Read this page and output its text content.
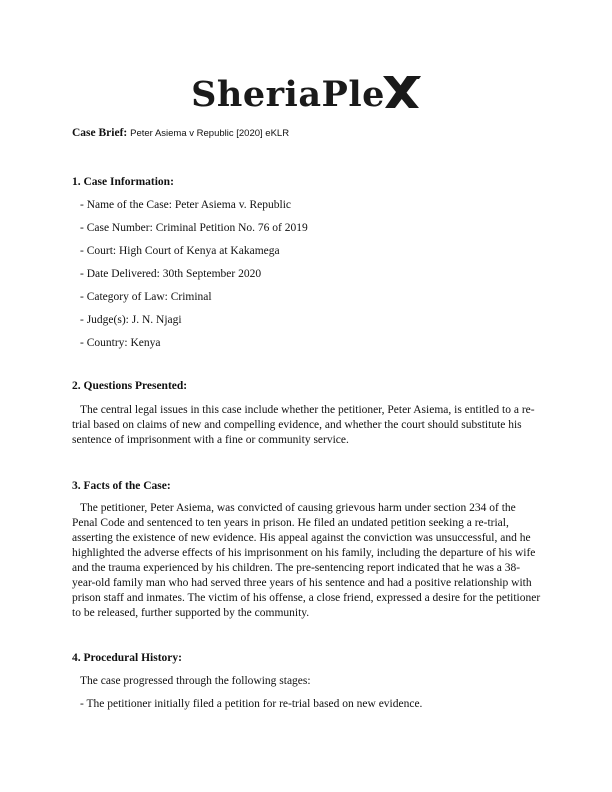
SheriaPle
Case Brief: Peter Asiema v Republic [2020] eKLR
1. Case Information:
- Name of the Case: Peter Asiema v. Republic
- Case Number: Criminal Petition No. 76 of 2019
- Court: High Court of Kenya at Kakamega
- Date Delivered: 30th September 2020
- Category of Law: Criminal
- Judge(s): J. N. Njagi
- Country: Kenya
2. Questions Presented:

The central legal issues in this case include whether the petitioner, Peter Asiema, is entitled to a re-trial based on claims of new and compelling evidence, and whether the court should substitute his sentence of imprisonment with a fine or community service.

3. Facts of the Case:

The petitioner, Peter Asiema, was convicted of causing grievous harm under section 234 of the Penal Code and sentenced to ten years in prison. He filed an undated petition seeking a re-trial, asserting the existence of new evidence. His appeal against the conviction was unsuccessful, and he highlighted the adverse effects of his imprisonment on his family, including the departure of his wife and the trauma experienced by his children. The pre-sentencing report indicated that he was a 38-year-old family man who had served three years of his sentence and had a positive relationship with prison staff and inmates. The victim of his offense, a close friend, expressed a desire for the petitioner to be released, further supported by the community.

4. Procedural History:
The case progressed through the following stages:
- The petitioner initially filed a petition for re-trial based on new evidence.
